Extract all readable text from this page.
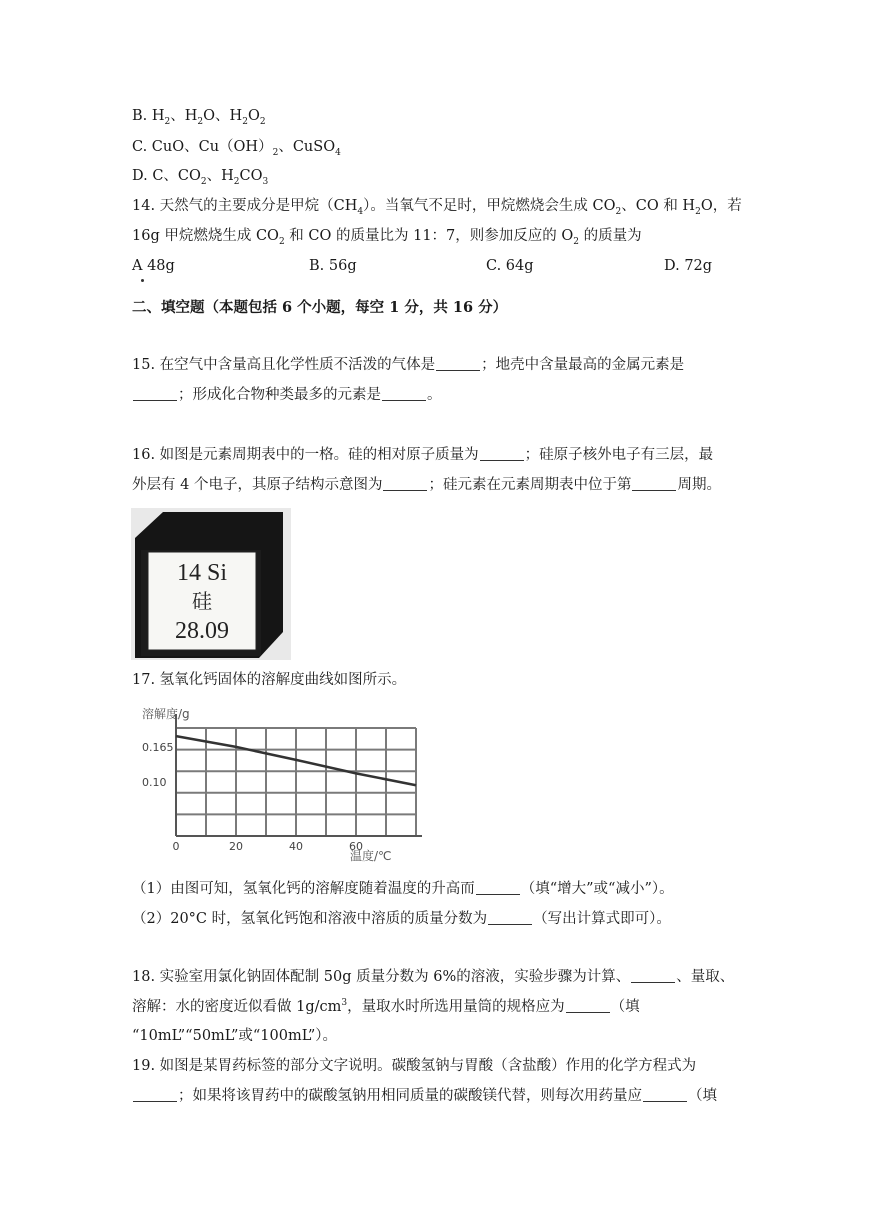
B. $H_2$、$H_2O$、$H_2O_2$
C. CuO、$Cu(OH)_2$、CuSO$_4$
D. C、$CO_2$、$H_2CO_3$
14. 天然气的主要成分是甲烷$(CH_4)$。当氧气不足时，甲烷燃烧会生成 $CO_2$、CO 和 $H_2O$，若
16g 甲烷燃烧生成 $CO_2$ 和 CO 的质量比为 11：7，则参加反应的 $O_2$ 的质量为
A 48g	B. 56g	C. 64g	D. 72g
二、填空题（本题包括 6 个小题，每空 1 分，共 16 分）
15. 在空气中含量高且化学性质不活泼的气体是	；地壳中含量最高的金属元素是
；形成化合物种类最多的元素是	。
16. 如图是元素周期表中的一格。硅的相对原子质量为	；硅原子核外电子有三层，最
外层有 4 个电子，其原子结构示意图为	；硅元素在元素周期表中位于第	周期。
14 Si
硅
28.09
17. 氢氧化钙固体的溶解度曲线如图所示。
溶解度/g
温度/℃
0	20	40	60
0.165
0.10
（1）由图可知，氢氧化钙的溶解度随着温度的升高而	（填“增大”或“减小”）。
（2）20°C 时，氢氧化钙饱和溶液中溶质的质量分数为	（写出计算式即可）。
18. 实验室用氯化钠固体配制 50g 质量分数为 6%的溶液，实验步骤为计算、	、量取、
溶解：水的密度近似看做 $1g/cm^3$，量取水时所选用量筒的规格应为	（填
“10mL”“50mL”或“100mL”）。
19. 如图是某胃药标签的部分文字说明。碳酸氢钠与胃酸（含盐酸）作用的化学方程式为
；如果将该胃药中的碳酸氢钠用相同质量的碳酸镁代替，则每次用药量应	（填
